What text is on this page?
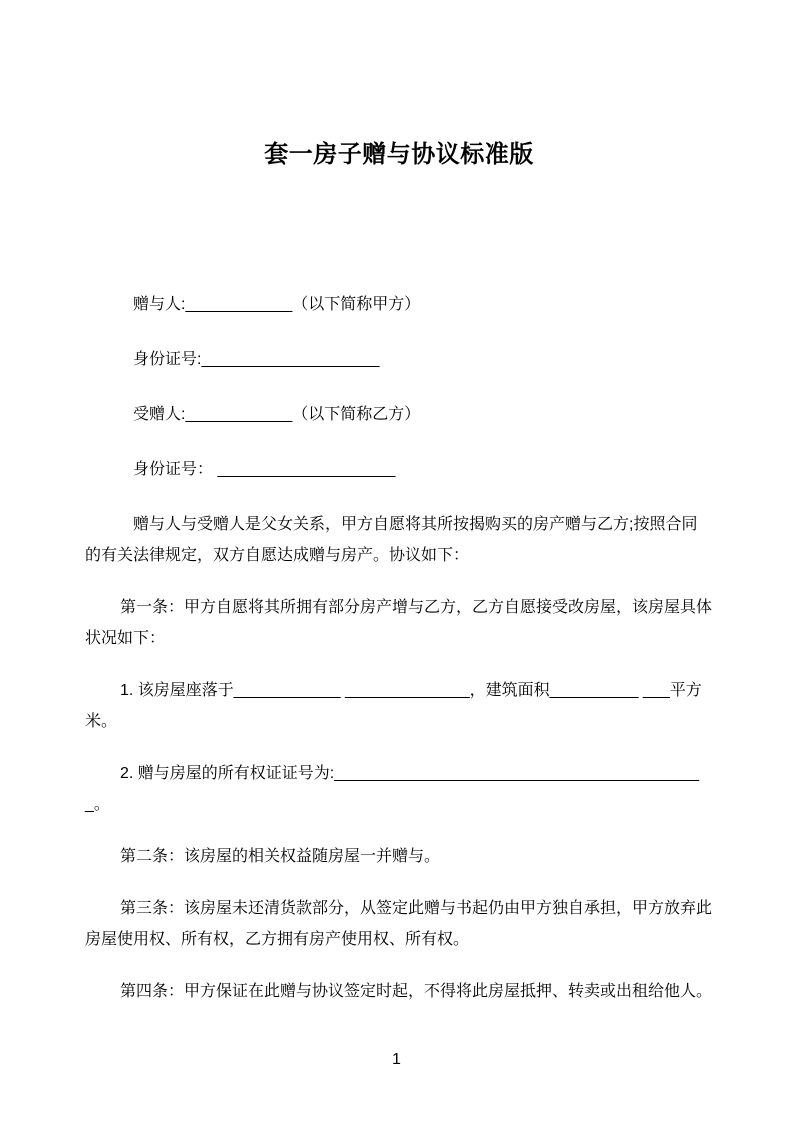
套一房子赠与协议标准版

赠与人:____________（以下简称甲方）

身份证号:____________________

受赠人:____________（以下简称乙方）

身份证号： ____________________

赠与人与受赠人是父女关系，甲方自愿将其所按揭购买的房产赠与乙方;按照合同的有关法律规定，双方自愿达成赠与房产。协议如下：

第一条：甲方自愿将其所拥有部分房产增与乙方，乙方自愿接受改房屋，该房屋具体状况如下：

1. 该房屋座落于____________ ______________，建筑面积__________ ___平方米。

2. 赠与房屋的所有权证证号为:__________________________________________。

第二条：该房屋的相关权益随房屋一并赠与。

第三条：该房屋未还清货款部分，从签定此赠与书起仍由甲方独自承担，甲方放弃此房屋使用权、所有权，乙方拥有房产使用权、所有权。

第四条：甲方保证在此赠与协议签定时起，不得将此房屋抵押、转卖或出租给他人。

1
